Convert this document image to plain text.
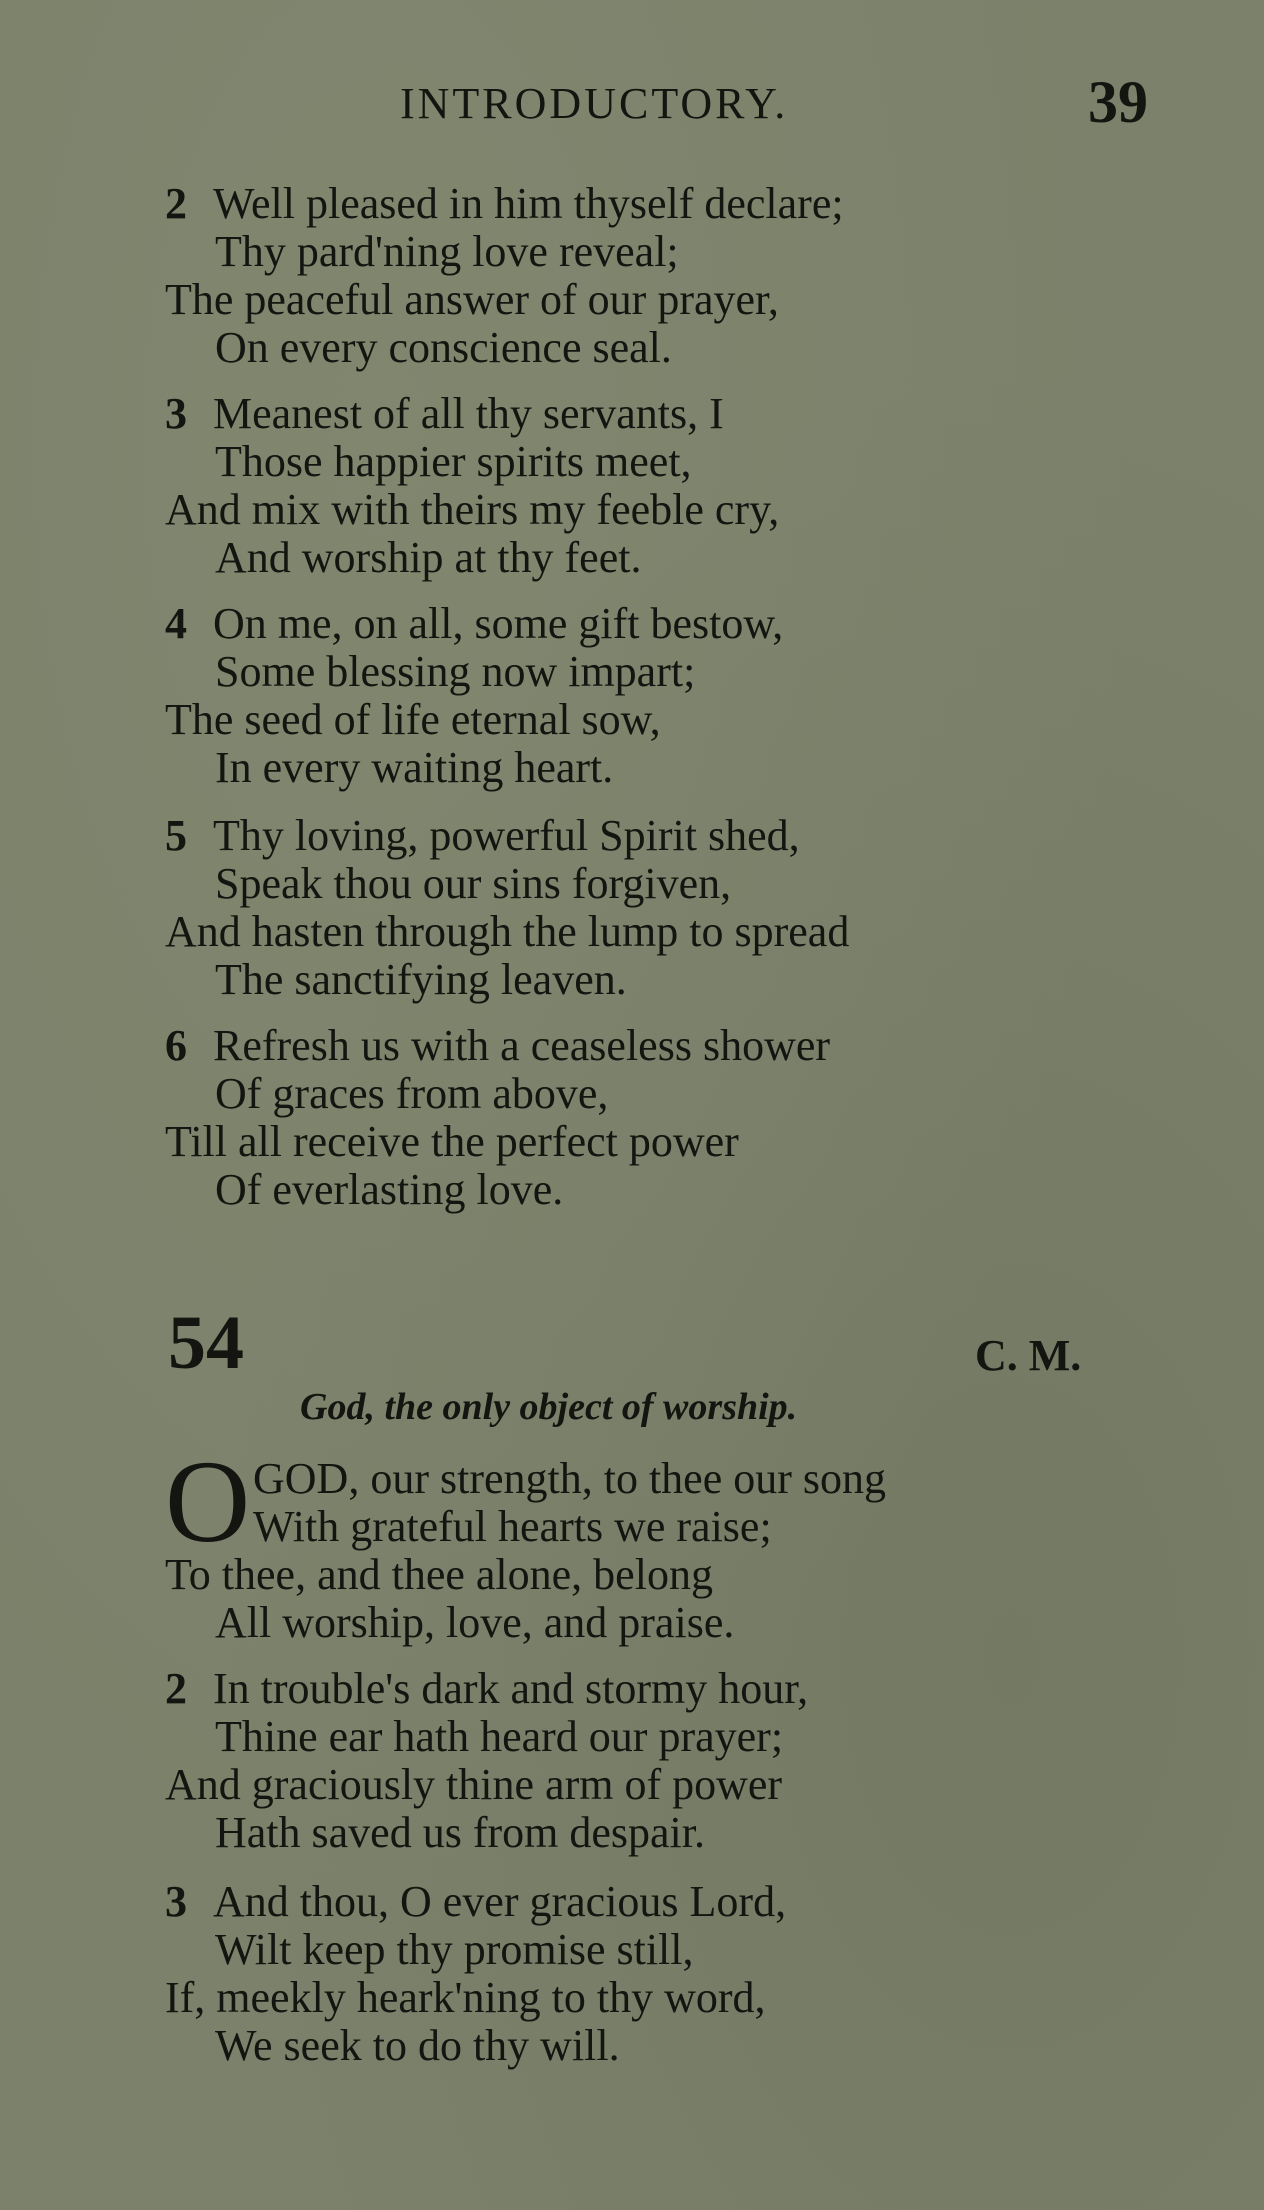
INTRODUCTORY.	39
2 Well pleased in him thyself declare;
Thy pard'ning love reveal;
The peaceful answer of our prayer,
On every conscience seal.
3 Meanest of all thy servants, I
Those happier spirits meet,
And mix with theirs my feeble cry,
And worship at thy feet.
4 On me, on all, some gift bestow,
Some blessing now impart;
The seed of life eternal sow,
In every waiting heart.
5 Thy loving, powerful Spirit shed,
Speak thou our sins forgiven,
And hasten through the lump to spread
The sanctifying leaven.
6 Refresh us with a ceaseless shower
Of graces from above,
Till all receive the perfect power
Of everlasting love.
54	C. M.
God, the only object of worship.
O GOD, our strength, to thee our song
With grateful hearts we raise;
To thee, and thee alone, belong
All worship, love, and praise.
2 In trouble's dark and stormy hour,
Thine ear hath heard our prayer;
And graciously thine arm of power
Hath saved us from despair.
3 And thou, O ever gracious Lord,
Wilt keep thy promise still,
If, meekly heark'ning to thy word,
We seek to do thy will.
